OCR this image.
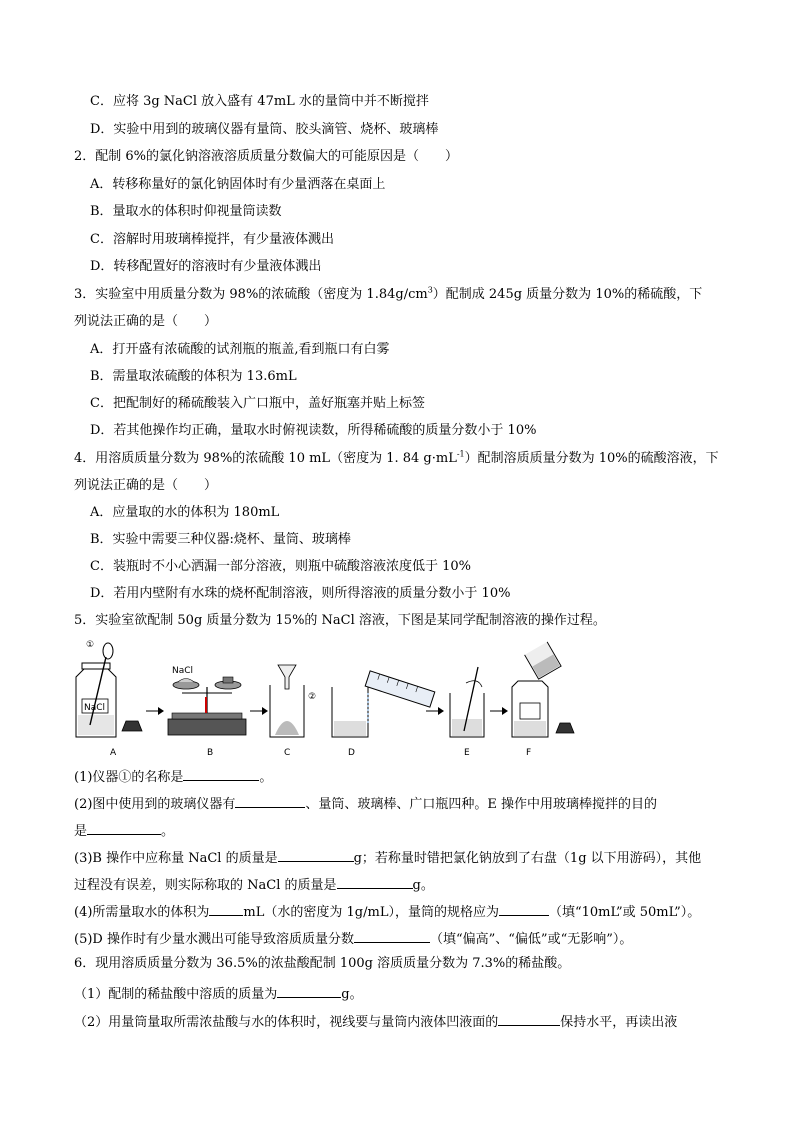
C．应将 3g NaCl 放入盛有 47mL 水的量筒中并不断搅拌
D．实验中用到的玻璃仪器有量筒、胶头滴管、烧杯、玻璃棒
2．配制 6%的氯化钠溶液溶质质量分数偏大的可能原因是（　　）
A．转移称量好的氯化钠固体时有少量洒落在桌面上
B．量取水的体积时仰视量筒读数
C．溶解时用玻璃棒搅拌，有少量液体溅出
D．转移配置好的溶液时有少量液体溅出
3．实验室中用质量分数为 98%的浓硫酸（密度为 $1.84g/cm^3$）配制成 245g 质量分数为 10%的稀硫酸，下
列说法正确的是（　　）
A．打开盛有浓硫酸的试剂瓶的瓶盖,看到瓶口有白雾
B．需量取浓硫酸的体积为 13.6mL
C．把配制好的稀硫酸装入广口瓶中，盖好瓶塞并贴上标签
D．若其他操作均正确，量取水时俯视读数，所得稀硫酸的质量分数小于 10%
4．用溶质质量分数为 98%的浓硫酸 10 mL（密度为 1. 84 $g\cdot mL^{-1}$）配制溶质质量分数为 10%的硫酸溶液，下
列说法正确的是（　　）
A．应量取的水的体积为 180mL
B．实验中需要三种仪器:烧杯、量筒、玻璃棒
C．装瓶时不小心洒漏一部分溶液，则瓶中硫酸溶液浓度低于 10%
D．若用内壁附有水珠的烧杯配制溶液，则所得溶液的质量分数小于 10%
5．实验室欲配制 50g 质量分数为 15%的 NaCl 溶液，下图是某同学配制溶液的操作过程。
①
NaCl
A
NaCl
B
②
C	D	E	F
(1)仪器①的名称是	。
(2)图中使用到的玻璃仪器有	、量筒、玻璃棒、广口瓶四种。E 操作中用玻璃棒搅拌的目的
是	。
(3)B 操作中应称量 NaCl 的质量是	g；若称量时错把氯化钠放到了右盘（1g 以下用游码），其他
过程没有误差，则实际称取的 NaCl 的质量是	g。
(4)所需量取水的体积为	mL（水的密度为 1g/mL），量筒的规格应为	（填“10mL”或 50mL”）。
(5)D 操作时有少量水溅出可能导致溶质质量分数	（填“偏高”、“偏低”或“无影响”）。
6．现用溶质质量分数为 36.5%的浓盐酸配制 100g 溶质质量分数为 7.3%的稀盐酸。
（1）配制的稀盐酸中溶质的质量为	g。
（2）用量筒量取所需浓盐酸与水的体积时，视线要与量筒内液体凹液面的	保持水平，再读出液
